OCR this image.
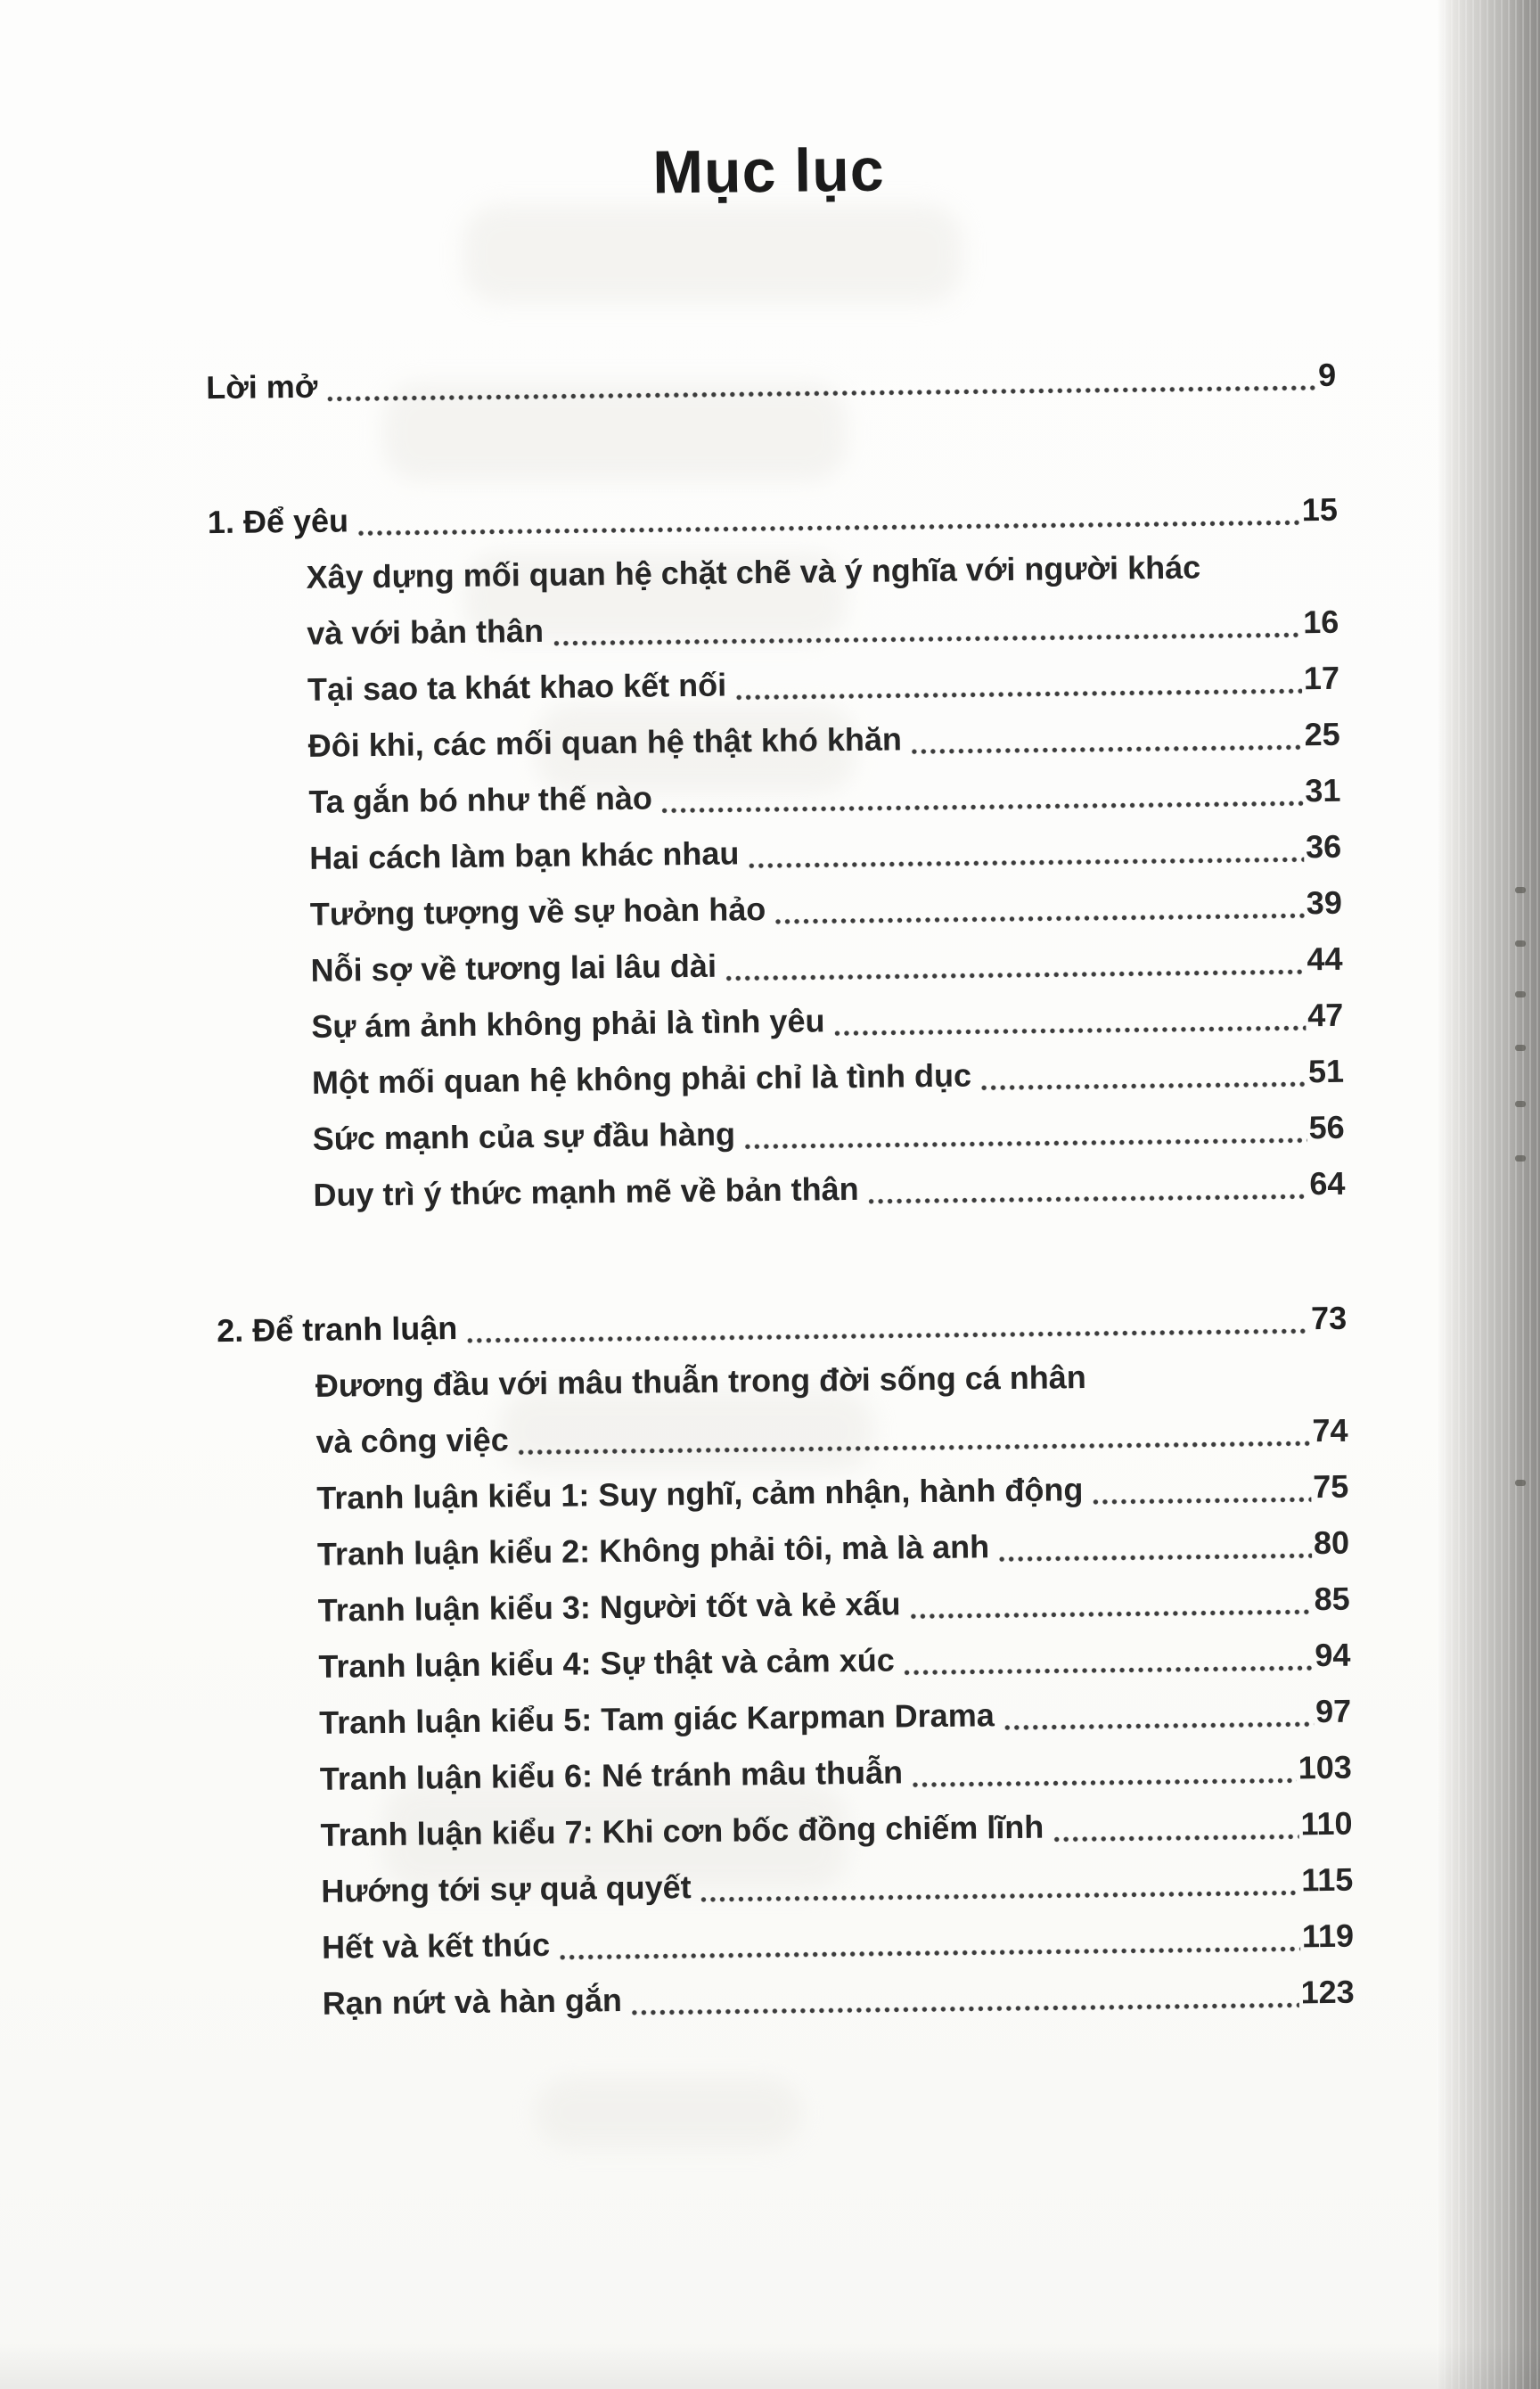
Mục lục
Lời mở	9
1. Để yêu	15
Xây dựng mối quan hệ chặt chẽ và ý nghĩa với người khác
và với bản thân	16
Tại sao ta khát khao kết nối	17
Đôi khi, các mối quan hệ thật khó khăn	25
Ta gắn bó như thế nào	31
Hai cách làm bạn khác nhau	36
Tưởng tượng về sự hoàn hảo	39
Nỗi sợ về tương lai lâu dài	44
Sự ám ảnh không phải là tình yêu	47
Một mối quan hệ không phải chỉ là tình dục	51
Sức mạnh của sự đầu hàng	56
Duy trì ý thức mạnh mẽ về bản thân	64
2. Để tranh luận	73
Đương đầu với mâu thuẫn trong đời sống cá nhân
và công việc	74
Tranh luận kiểu 1: Suy nghĩ, cảm nhận, hành động	75
Tranh luận kiểu 2: Không phải tôi, mà là anh	80
Tranh luận kiểu 3: Người tốt và kẻ xấu	85
Tranh luận kiểu 4: Sự thật và cảm xúc	94
Tranh luận kiểu 5: Tam giác Karpman Drama	97
Tranh luận kiểu 6: Né tránh mâu thuẫn	103
Tranh luận kiểu 7: Khi cơn bốc đồng chiếm lĩnh	110
Hướng tới sự quả quyết	115
Hết và kết thúc	119
Rạn nứt và hàn gắn	123
